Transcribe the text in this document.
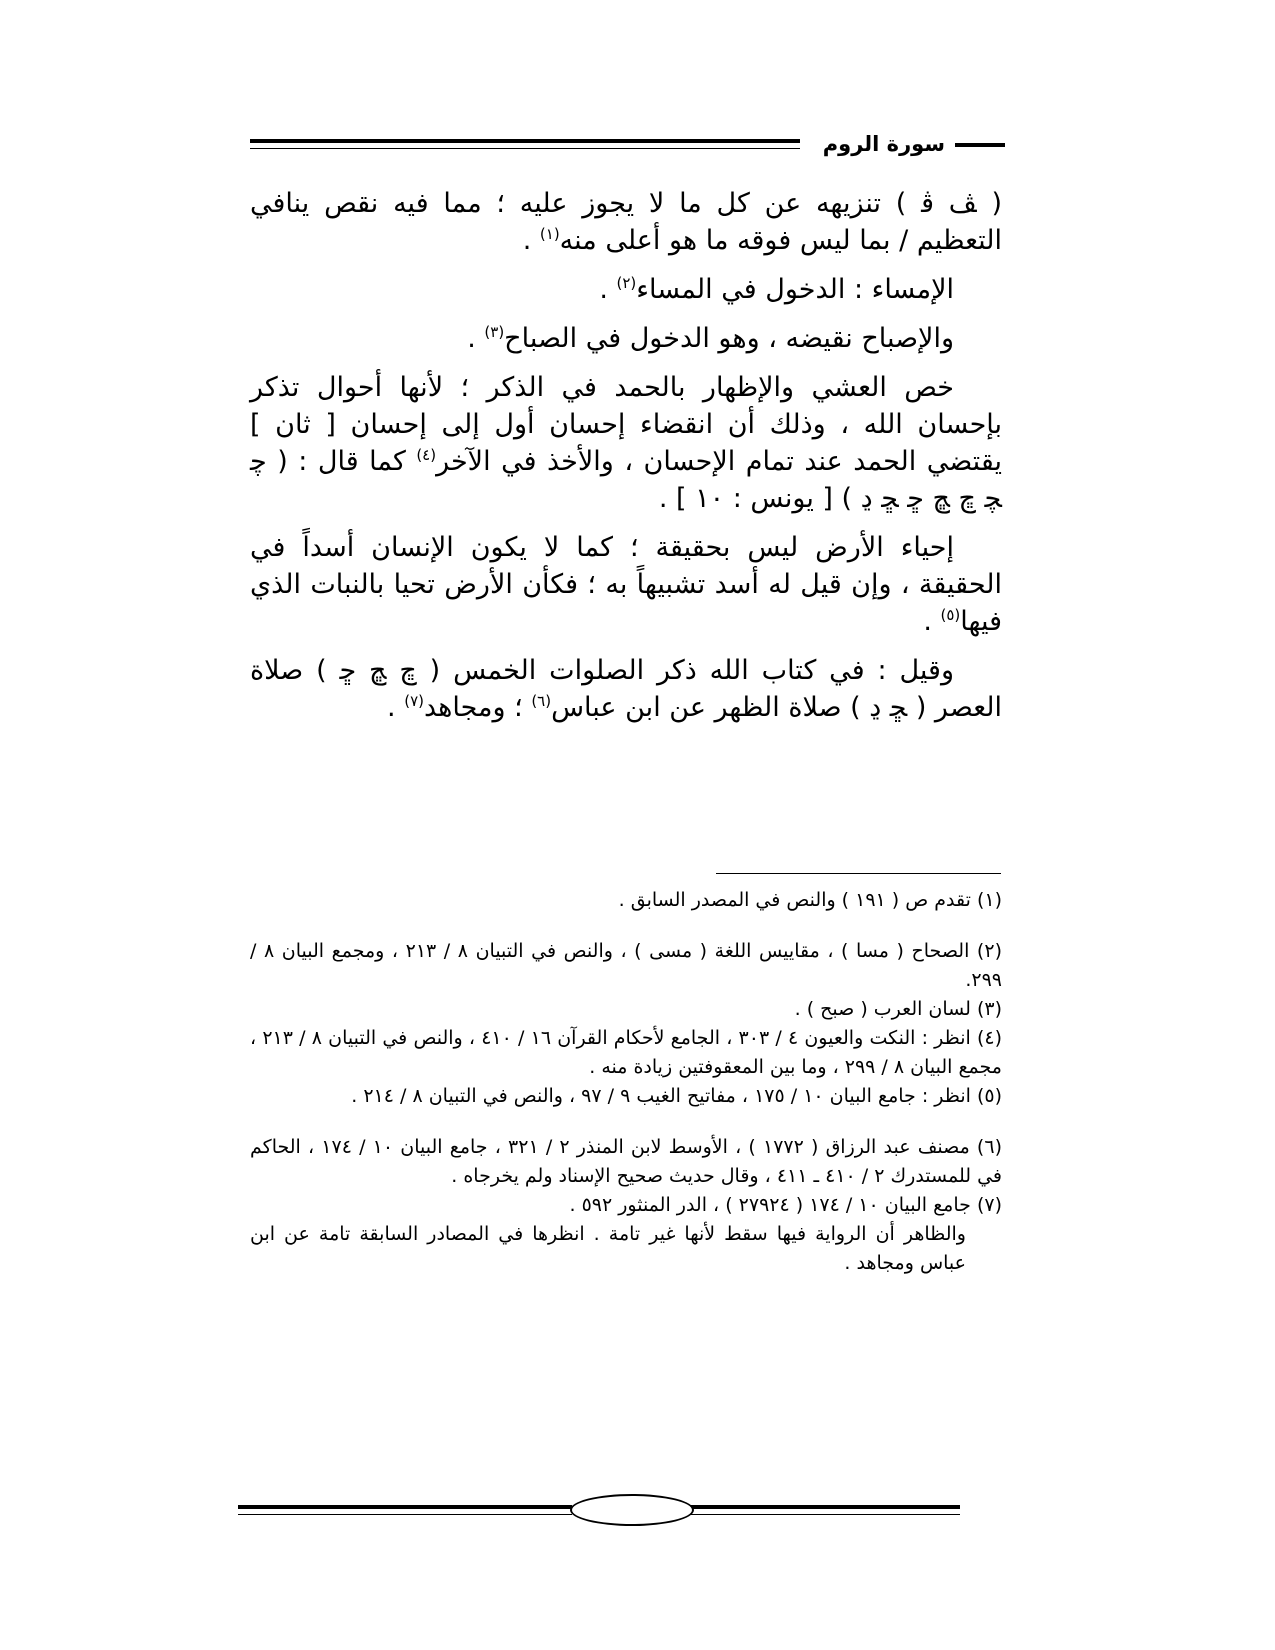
سورة الروم

( ﭫ ﭬ ) تنزيهه عن كل ما لا يجوز عليه ؛ مما فيه نقص ينافي التعظيم / بما ليس فوقه ما هو أعلى منه$^{(١)}$ .

الإمساء : الدخول في المساء$^{(٢)}$ .

والإصباح نقيضه ، وهو الدخول في الصباح$^{(٣)}$ .

خص العشي والإظهار بالحمد في الذكر ؛ لأنها أحوال تذكر بإحسان الله ، وذلك أن انقضاء إحسان أول إلى إحسان [ ثان ] يقتضي الحمد عند تمام الإحسان ، والأخذ في الآخر$^{(٤)}$ كما قال : ( ﭼ ﭽ ﭾ ﭿ ﮀ ﮁ ﮂ ) [ يونس : ١٠ ] .

إحياء الأرض ليس بحقيقة ؛ كما لا يكون الإنسان أسداً في الحقيقة ، وإن قيل له أسد تشبيهاً به ؛ فكأن الأرض تحيا بالنبات الذي فيها$^{(٥)}$ .

وقيل : في كتاب الله ذكر الصلوات الخمس ( ﭾ ﭿ ﮀ ) صلاة العصر ( ﮁ ﮂ ) صلاة الظهر عن ابن عباس$^{(٦)}$ ؛ ومجاهد$^{(٧)}$ .

(١) تقدم ص ( ١٩١ ) والنص في المصدر السابق .

(٢) الصحاح ( مسا ) ، مقاييس اللغة ( مسى ) ، والنص في التبيان ٨ / ٢١٣ ، ومجمع البيان ٨ / ٢٩٩.

(٣) لسان العرب ( صبح ) .

(٤) انظر : النكت والعيون ٤ / ٣٠٣ ، الجامع لأحكام القرآن ١٦ / ٤١٠ ، والنص في التبيان ٨ / ٢١٣ ، مجمع البيان ٨ / ٢٩٩ ، وما بين المعقوفتين زيادة منه .

(٥) انظر : جامع البيان ١٠ / ١٧٥ ، مفاتيح الغيب ٩ / ٩٧ ، والنص في التبيان ٨ / ٢١٤ .

(٦) مصنف عبد الرزاق ( ١٧٧٢ ) ، الأوسط لابن المنذر ٢ / ٣٢١ ، جامع البيان ١٠ / ١٧٤ ، الحاكم في للمستدرك ٢ / ٤١٠ ـ ٤١١ ، وقال حديث صحيح الإسناد ولم يخرجاه .

(٧) جامع البيان ١٠ / ١٧٤ ( ٢٧٩٢٤ ) ، الدر المنثور ٥٩٢ .

والظاهر أن الرواية فيها سقط لأنها غير تامة . انظرها في المصادر السابقة تامة عن ابن عباس ومجاهد .
